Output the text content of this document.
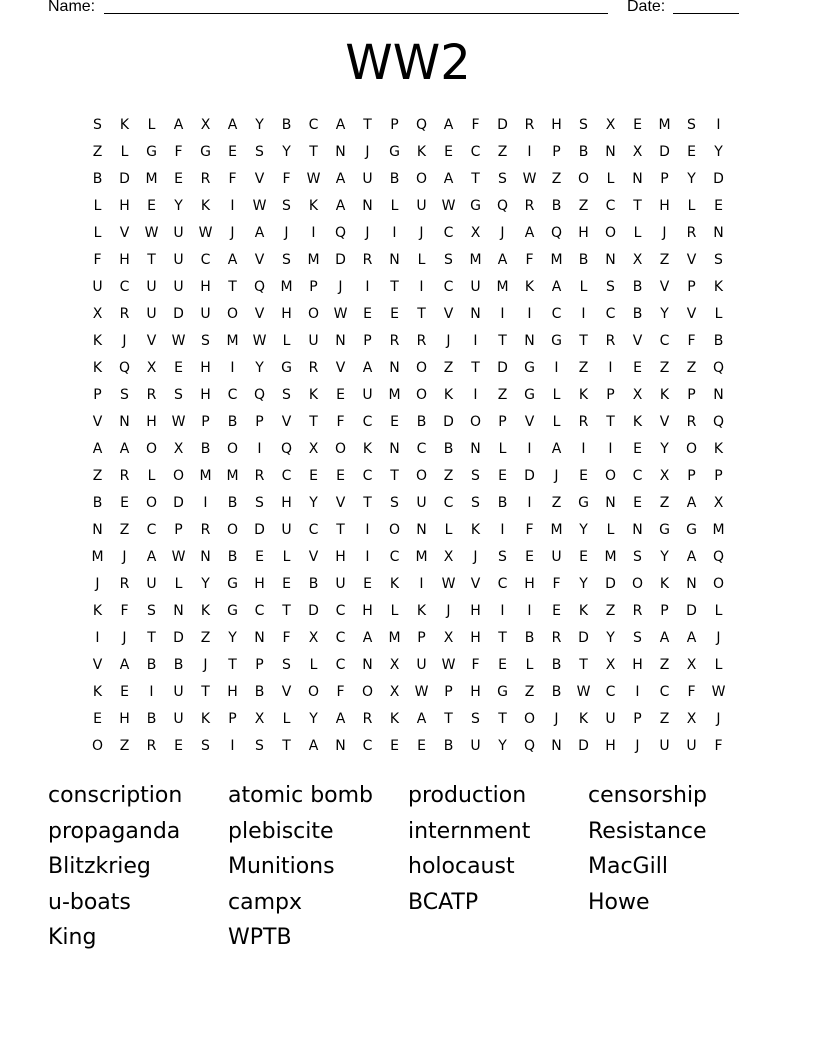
Name:	Date:
WW2
S	K	L	A	X	A	Y	B	C	A	T	P	Q	A	F	D	R	H	S	X	E	M	S	I
Z	L	G	F	G	E	S	Y	T	N	J	G	K	E	C	Z	I	P	B	N	X	D	E	Y
B	D	M	E	R	F	V	F	W	A	U	B	O	A	T	S	W	Z	O	L	N	P	Y	D
L	H	E	Y	K	I	W	S	K	A	N	L	U	W	G	Q	R	B	Z	C	T	H	L	E
L	V	W	U	W	J	A	J	I	Q	J	I	J	C	X	J	A	Q	H	O	L	J	R	N
F	H	T	U	C	A	V	S	M	D	R	N	L	S	M	A	F	M	B	N	X	Z	V	S
U	C	U	U	H	T	Q	M	P	J	I	T	I	C	U	M	K	A	L	S	B	V	P	K
X	R	U	D	U	O	V	H	O	W	E	E	T	V	N	I	I	C	I	C	B	Y	V	L
K	J	V	W	S	M	W	L	U	N	P	R	R	J	I	T	N	G	T	R	V	C	F	B
K	Q	X	E	H	I	Y	G	R	V	A	N	O	Z	T	D	G	I	Z	I	E	Z	Z	Q
P	S	R	S	H	C	Q	S	K	E	U	M	O	K	I	Z	G	L	K	P	X	K	P	N
V	N	H	W	P	B	P	V	T	F	C	E	B	D	O	P	V	L	R	T	K	V	R	Q
A	A	O	X	B	O	I	Q	X	O	K	N	C	B	N	L	I	A	I	I	E	Y	O	K
Z	R	L	O	M	M	R	C	E	E	C	T	O	Z	S	E	D	J	E	O	C	X	P	P
B	E	O	D	I	B	S	H	Y	V	T	S	U	C	S	B	I	Z	G	N	E	Z	A	X
N	Z	C	P	R	O	D	U	C	T	I	O	N	L	K	I	F	M	Y	L	N	G	G	M
M	J	A	W	N	B	E	L	V	H	I	C	M	X	J	S	E	U	E	M	S	Y	A	Q
J	R	U	L	Y	G	H	E	B	U	E	K	I	W	V	C	H	F	Y	D	O	K	N	O
K	F	S	N	K	G	C	T	D	C	H	L	K	J	H	I	I	E	K	Z	R	P	D	L
I	J	T	D	Z	Y	N	F	X	C	A	M	P	X	H	T	B	R	D	Y	S	A	A	J
V	A	B	B	J	T	P	S	L	C	N	X	U	W	F	E	L	B	T	X	H	Z	X	L
K	E	I	U	T	H	B	V	O	F	O	X	W	P	H	G	Z	B	W	C	I	C	F	W
E	H	B	U	K	P	X	L	Y	A	R	K	A	T	S	T	O	J	K	U	P	Z	X	J
O	Z	R	E	S	I	S	T	A	N	C	E	E	B	U	Y	Q	N	D	H	J	U	U	F
conscription	atomic bomb	production	censorship
propaganda	plebiscite	internment	Resistance
Blitzkrieg	Munitions	holocaust	MacGill
u-boats	campx	BCATP	Howe
King	WPTB
